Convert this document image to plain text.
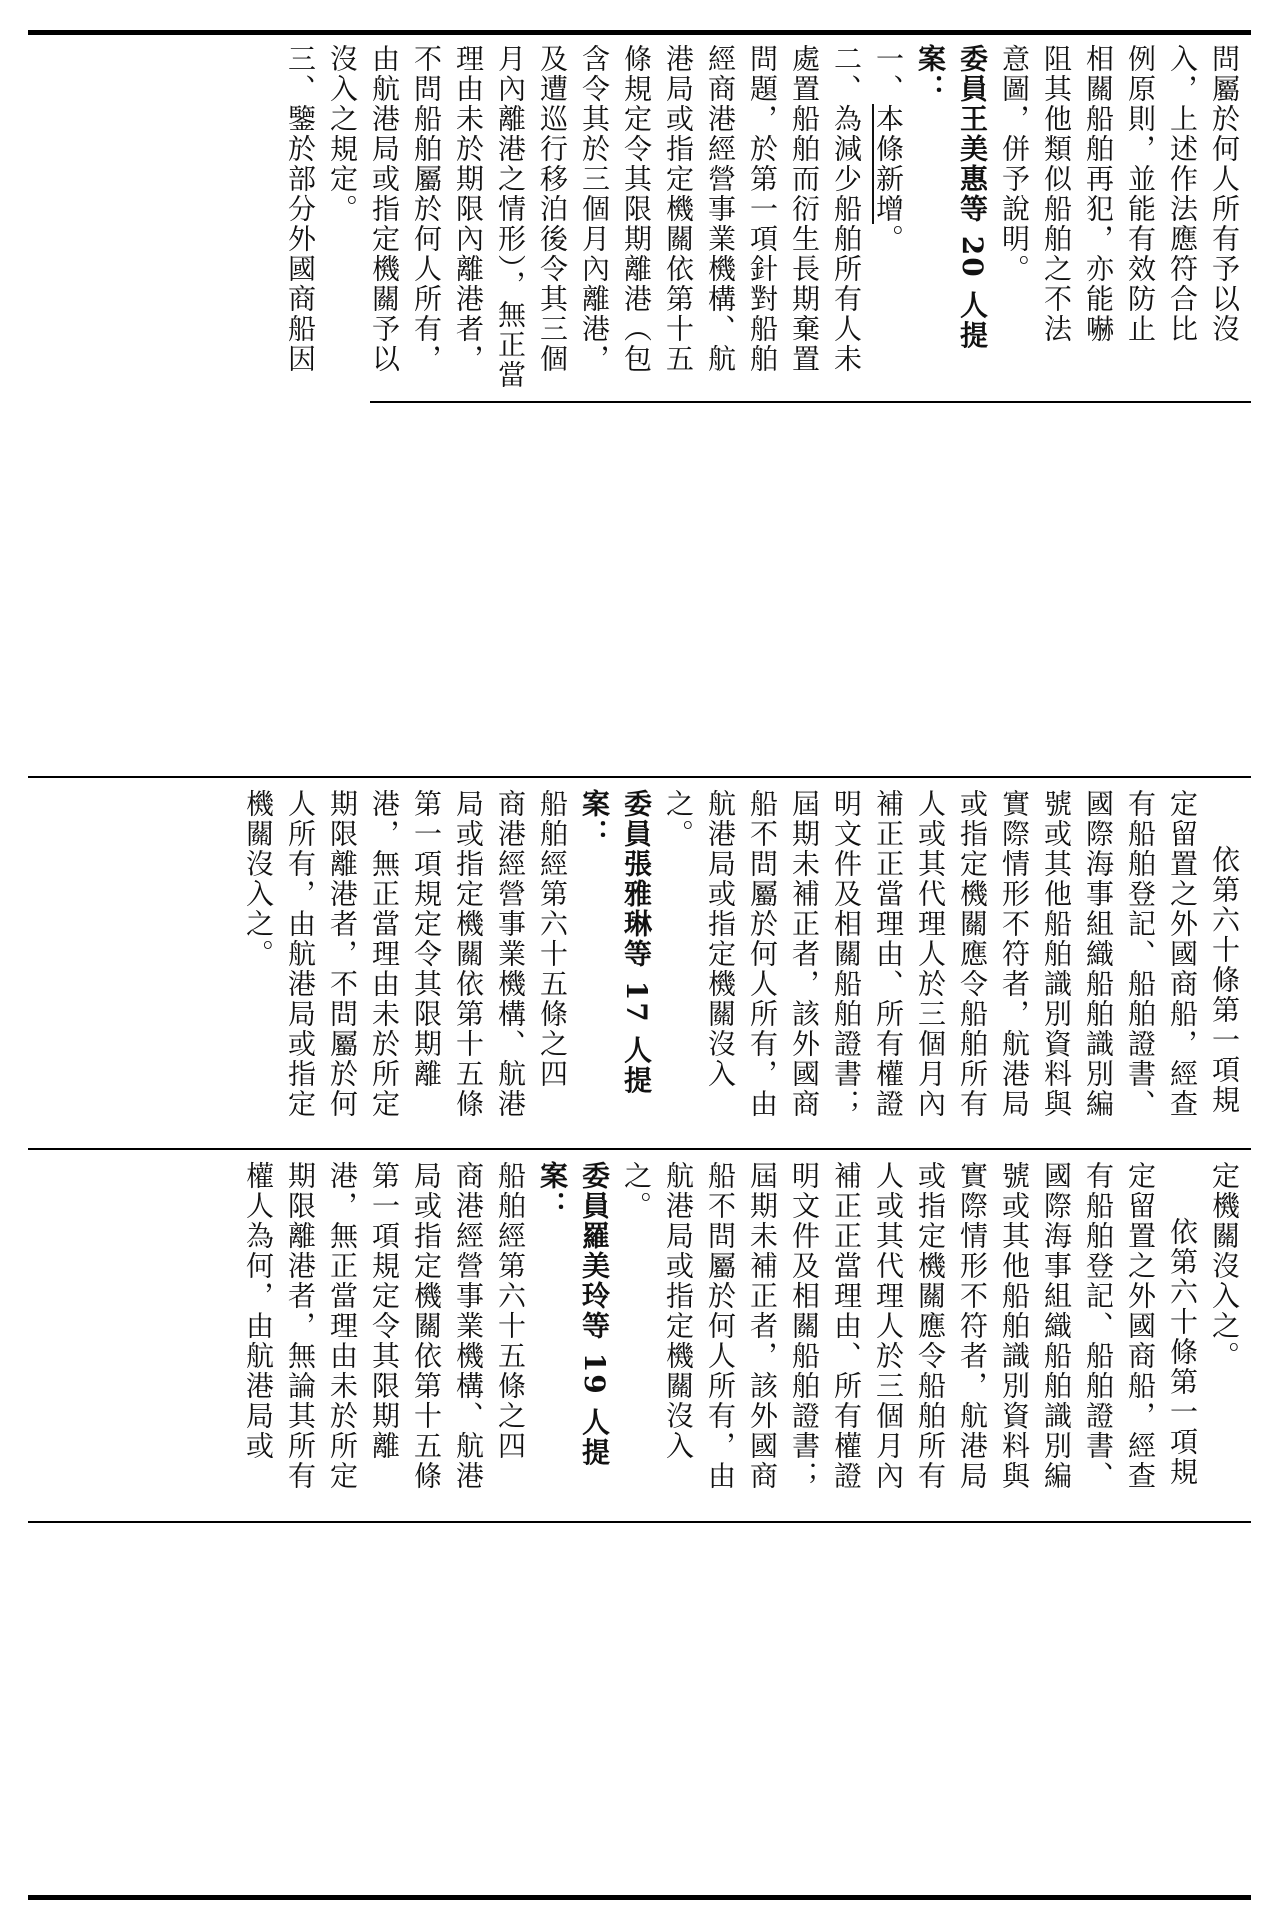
問屬於何人所有予以沒

入，上述作法應符合比

例原則，並能有效防止

相關船舶再犯，亦能嚇

阻其他類似船舶之不法

意圖，併予說明。

委員王美惠等 20 人提案：

一、本條新增。

二、為減少船舶所有人未處置船舶而衍生長期棄置問題，於第一項針對船舶經商港經營事業機構、航港局或指定機關依第十五條規定令其限期離港（包含令其於三個月內離港，及遭巡行移泊後令其三個月內離港之情形），無正當理由未於期限內離港者，不問船舶屬於何人所有，由航港局或指定機關予以沒入之規定。

三、鑒於部分外國商船因

依第六十條第一項規定留置之外國商船，經查有船舶登記、船舶證書、國際海事組織船舶識別編號或其他船舶識別資料與實際情形不符者，航港局或指定機關應令船舶所有人或其代理人於三個月內補正正當理由、所有權證明文件及相關船舶證書；屆期未補正者，該外國商船不問屬於何人所有，由航港局或指定機關沒入之。

委員張雅琳等 17 人提案：

船舶經第六十五條之四　商港經營事業機構、航港局或指定機關依第十五條第一項規定令其限期離港，無正當理由未於所定期限離港者，不問屬於何人所有，由航港局或指定機關沒入之。

定機關沒入之。

依第六十條第一項規定留置之外國商船，經查有船舶登記、船舶證書、國際海事組織船舶識別編號或其他船舶識別資料與實際情形不符者，航港局或指定機關應令船舶所有人或其代理人於三個月內補正正當理由、所有權證明文件及相關船舶證書；屆期未補正者，該外國商船不問屬於何人所有，由航港局或指定機關沒入之。

委員羅美玲等 19 人提案：

船舶經第六十五條之四　商港經營事業機構、航港局或指定機關依第十五條第一項規定令其限期離港，無正當理由未於所定期限離港者，無論其所有權人為何，由航港局或
